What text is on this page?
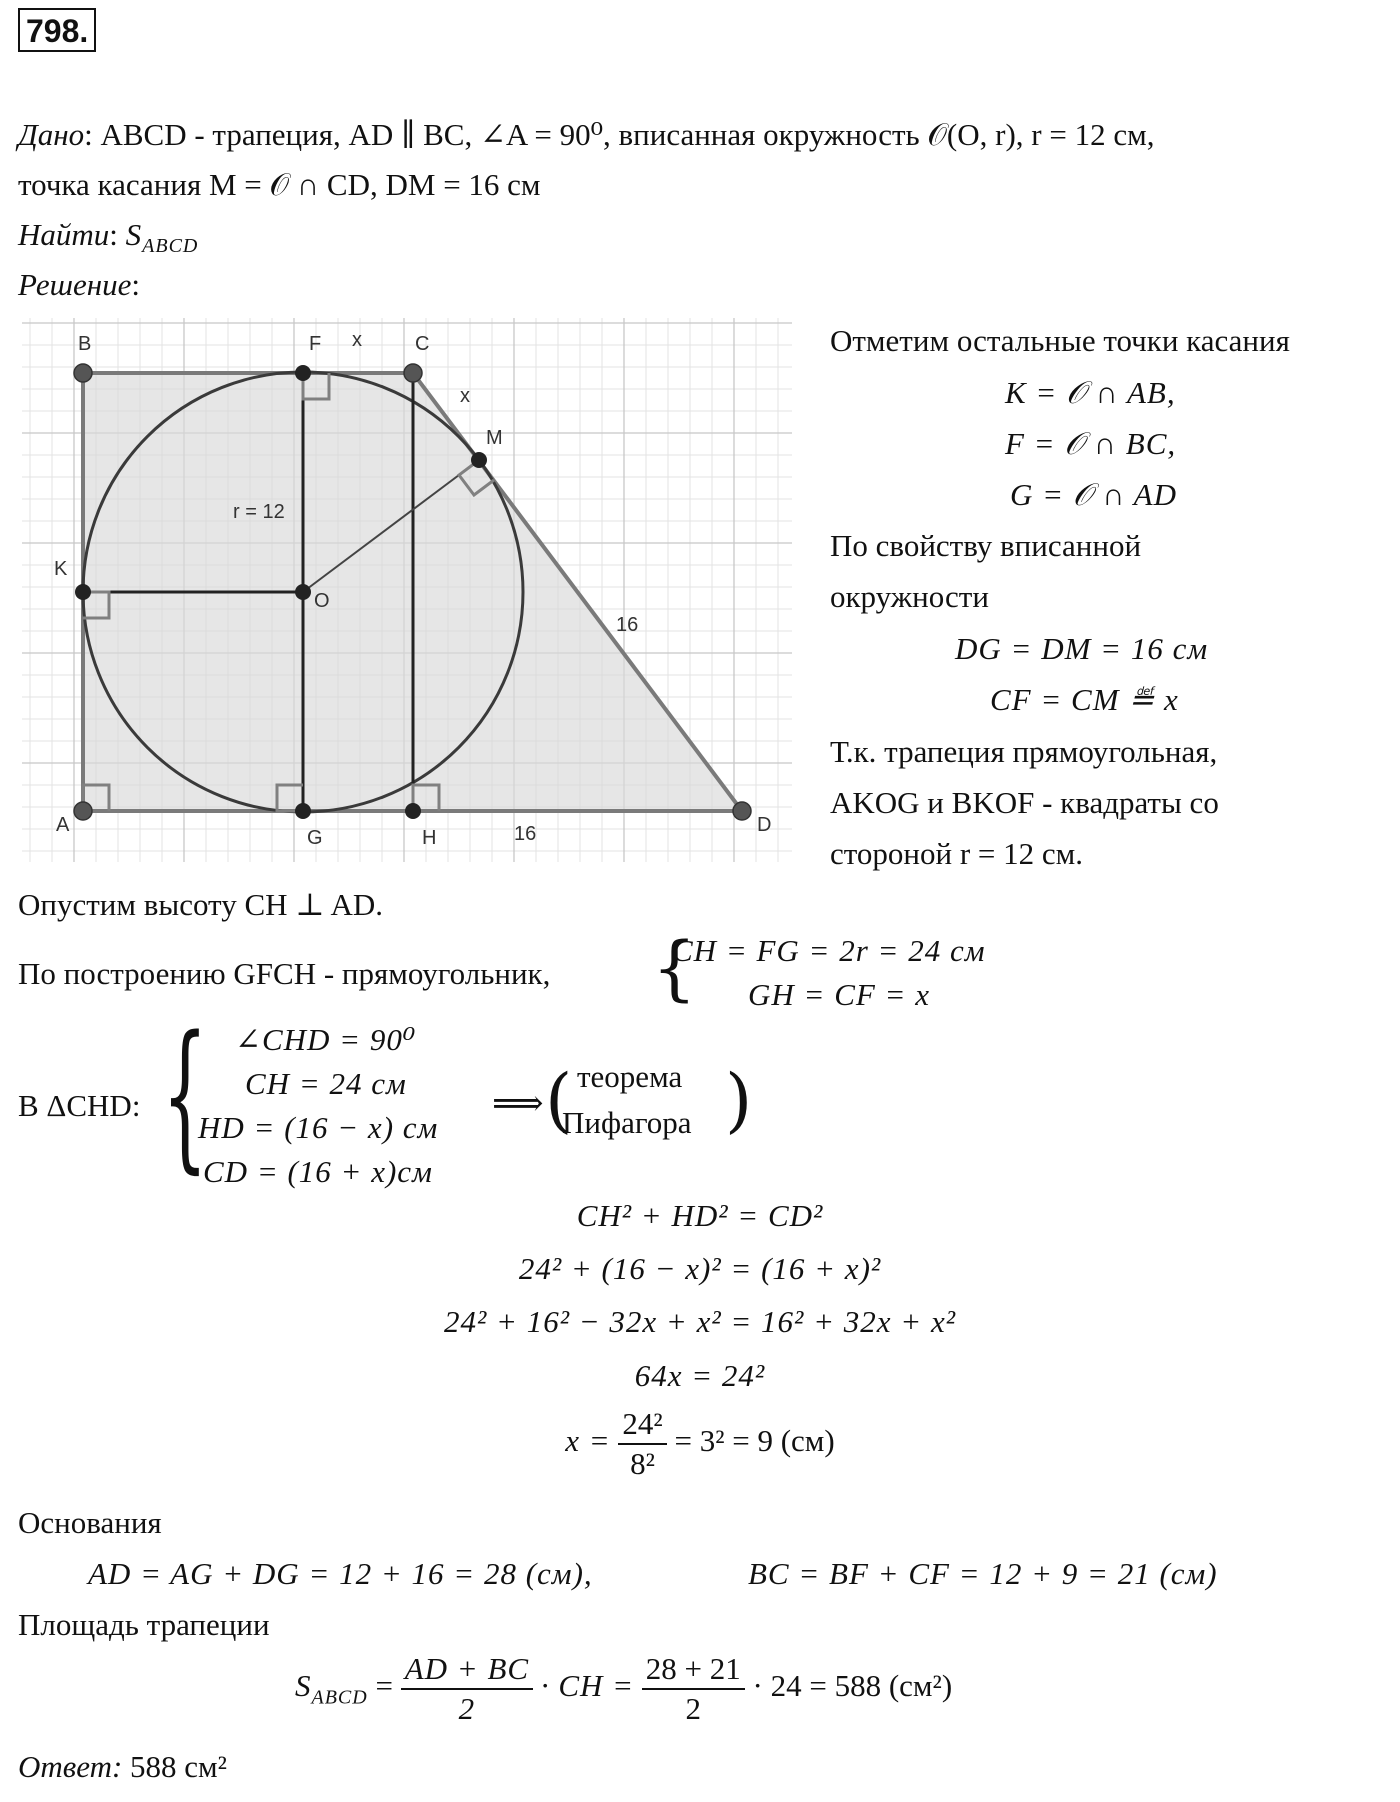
798.
Дано: ABCD - трапеция, AD ∥ BC, ∠A = 90⁰, вписанная окружность 𝒪(O, r), r = 12 см,
точка касания M = 𝒪 ∩ CD, DM = 16 см
Найти: $S_{ABCD}$
Решение:
B	F x	C
x
M
r = 12
K
O
16
A
G	H	16	D
Отметим остальные точки касания
K = 𝒪 ∩ AB,
F = 𝒪 ∩ BC,
G = 𝒪 ∩ AD
По свойству вписанной
окружности
DG = DM = 16 см
CF = CM ≝ x
Т.к. трапеция прямоугольная,
AKOG и BKOF - квадраты со
стороной r = 12 см.
Опустим высоту CH ⊥ AD.
По построению GFCH - прямоугольник, {
CH = FG = 2r = 24 см
GH = CF = x
В ΔCHD: { ∠CHD = 90⁰
CH = 24 см
HD = (16 − x) см
CD = (16 + x)см
⟹ ( теорема
Пифагора )
CH² + HD² = CD²
24² + (16 − x)² = (16 + x)²
24² + 16² − 32x + x² = 16² + 32x + x²
64x = 24²
$x = \frac{\text{24²}}{\text{8²}} = 3^2 = 9$ (см)
Основания
AD = AG + DG = 12 + 16 = 28 (см),	BC = BF + CF = 12 + 9 = 21 (см)
Площадь трапеции
$S_{ABCD} = \frac{AD + BC}{2}$ · CH = $\frac{28 + 21}{2} \cdot 24 = 588$ (см²)
Ответ: 588 см²
